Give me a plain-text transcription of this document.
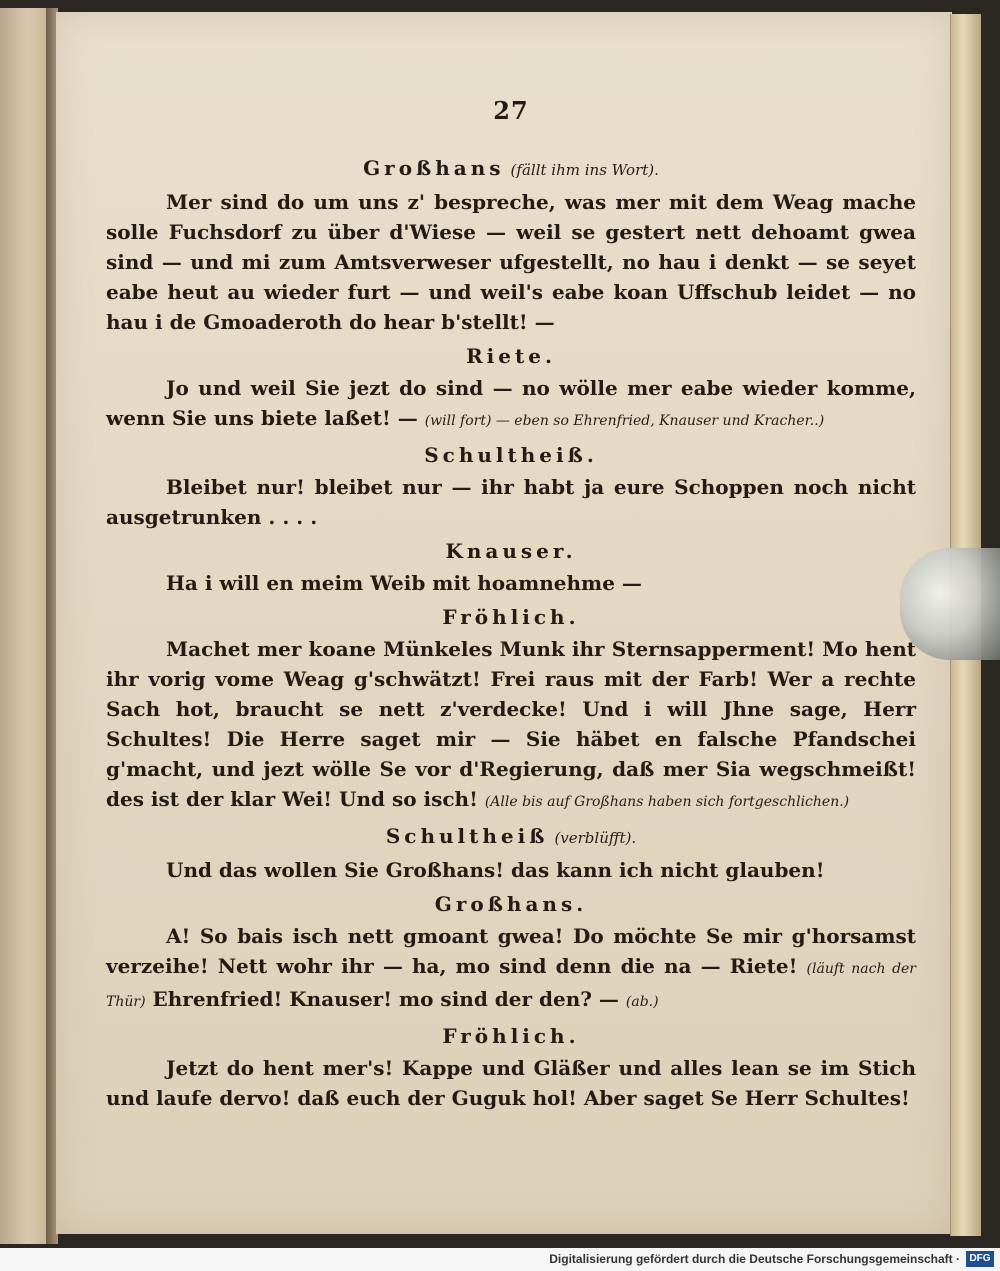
27

Großhans (fällt ihm ins Wort).

Mer sind do um uns z' bespreche, was mer mit dem Weag mache solle Fuchsdorf zu über d'Wiese — weil se gestert nett dehoamt gwea sind — und mi zum Amtsverweser ufgestellt, no hau i denkt — se seyet eabe heut au wieder furt — und weil's eabe koan Uffschub leidet — no hau i de Gmoaderoth do hear b'stellt! —

Riete.

Jo und weil Sie jezt do sind — no wölle mer eabe wieder komme, wenn Sie uns biete laßet! — (will fort) — eben so Ehrenfried, Knauser und Kracher..)

Schultheiß.

Bleibet nur! bleibet nur — ihr habt ja eure Schoppen noch nicht ausgetrunken . . . .

Knauser.

Ha i will en meim Weib mit hoamnehme —

Fröhlich.

Machet mer koane Münkeles Munk ihr Sternsapperment! Mo hent ihr vorig vome Weag g'schwätzt! Frei raus mit der Farb! Wer a rechte Sach hot, braucht se nett z'verdecke! Und i will Jhne sage, Herr Schultes! Die Herre saget mir — Sie häbet en falsche Pfandschei g'macht, und jezt wölle Se vor d'Regierung, daß mer Sia wegschmeißt! des ist der klar Wei! Und so isch! (Alle bis auf Großhans haben sich fortgeschlichen.)

Schultheiß (verblüfft).

Und das wollen Sie Großhans! das kann ich nicht glauben!

Großhans.

A! So bais isch nett gmoant gwea! Do möchte Se mir g'horsamst verzeihe! Nett wohr ihr — ha, mo sind denn die na — Riete! (läuft nach der Thür) Ehrenfried! Knauser! mo sind der den? — (ab.)

Fröhlich.

Jetzt do hent mer's! Kappe und Gläßer und alles lean se im Stich und laufe dervo! daß euch der Guguk hol! Aber saget Se Herr Schultes!

Digitalisierung gefördert durch die Deutsche Forschungsgemeinschaft · DFG
